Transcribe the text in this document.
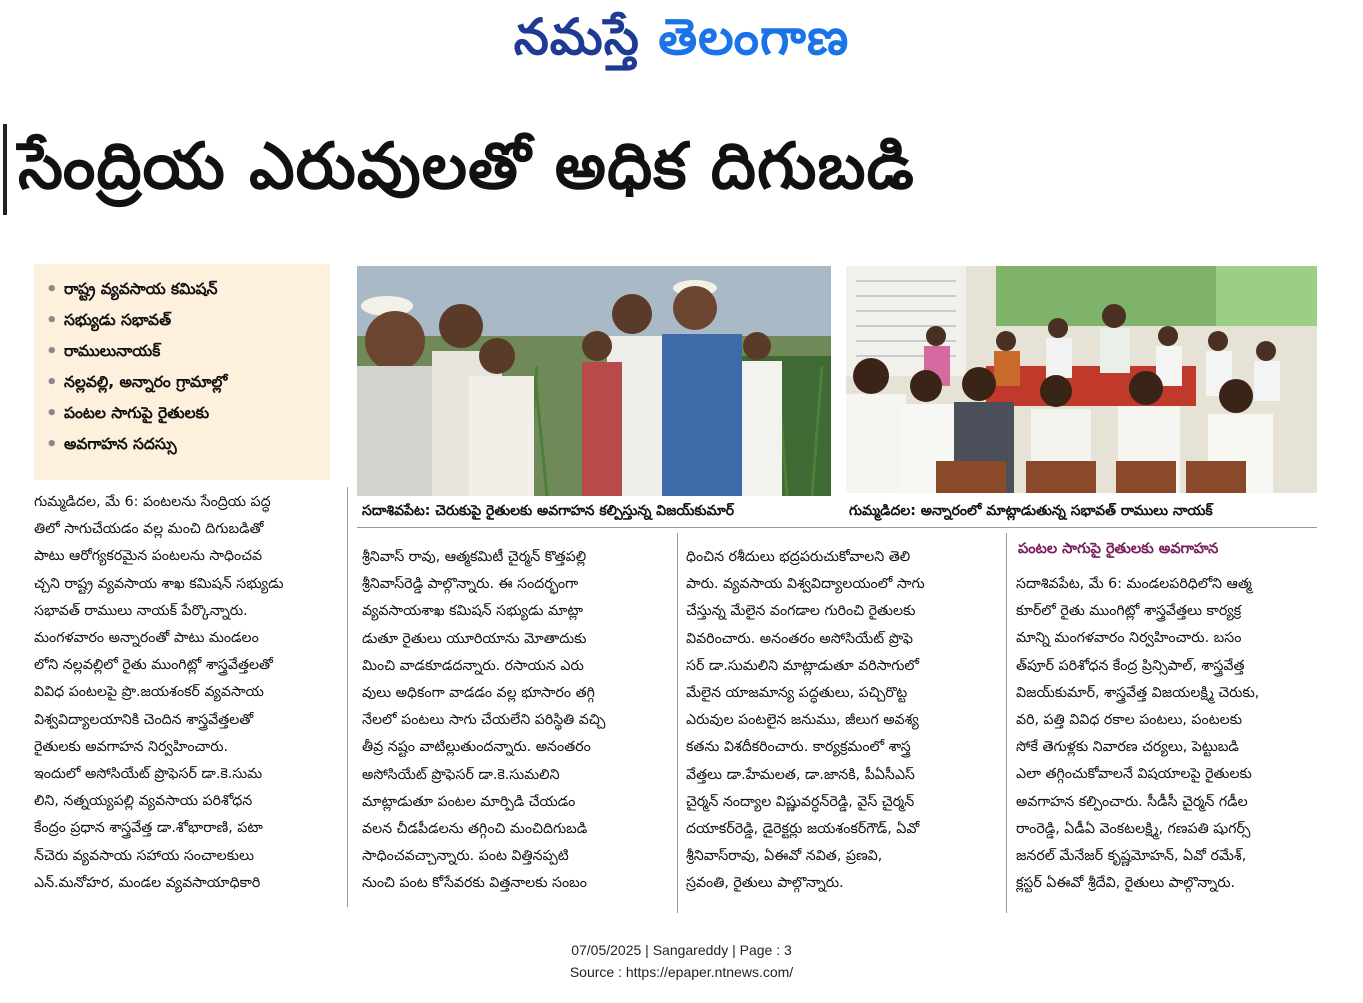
నమస్తే తెలంగాణ
సేంద్రియ ఎరువులతో అధిక దిగుబడి
• రాష్ట్ర వ్యవసాయ కమిషన్
• సభ్యుడు సభావత్
• రాములునాయక్
• నల్లవల్లి, అన్నారం గ్రామాల్లో
• పంటల సాగుపై రైతులకు
• అవగాహన సదస్సు
సదాశివపేట: చెరుకుపై రైతులకు అవగాహన కల్పిస్తున్న విజయ్‌కుమార్	గుమ్మడిదల: అన్నారంలో మాట్లాడుతున్న సభావత్ రాములు నాయక్

గుమ్మడిదల, మే 6: పంటలను సేంద్రియ పద్ధ

తిలో సాగుచేయడం వల్ల మంచి దిగుబడితో

పాటు ఆరోగ్యకరమైన పంటలను సాధించవ

చ్చని రాష్ట్ర వ్యవసాయ శాఖ కమిషన్ సభ్యుడు

సభావత్ రాములు నాయక్ పేర్కొన్నారు.

మంగళవారం అన్నారంతో పాటు మండలం

లోని నల్లవల్లిలో రైతు ముంగిట్లో శాస్త్రవేత్తలతో

వివిధ పంటలపై ప్రొ.జయశంకర్ వ్యవసాయ

విశ్వవిద్యాలయానికి చెందిన శాస్త్రవేత్తలతో

రైతులకు అవగాహన నిర్వహించారు.

ఇందులో అసోసియేట్ ప్రొఫెసర్ డా.కె.సుమ

లిని, నత్నయ్యపల్లి వ్యవసాయ పరిశోధన

కేంద్రం ప్రధాన శాస్త్రవేత్త డా.శోభారాణి, పటా

న్‌చెరు వ్యవసాయ సహాయ సంచాలకులు

ఎన్.మనోహర, మండల వ్యవసాయాధికారి

శ్రీనివాస్ రావు, ఆత్మకమిటీ చైర్మన్ కొత్తపల్లి

శ్రీనివాస్‌రెడ్డి పాల్గొన్నారు. ఈ సందర్భంగా

వ్యవసాయశాఖ కమిషన్ సభ్యుడు మాట్లా

డుతూ రైతులు యూరియాను మోతాదుకు

మించి వాడకూడదన్నారు. రసాయన ఎరు

వులు అధికంగా వాడడం వల్ల భూసారం తగ్గి

నేలలో పంటలు సాగు చేయలేని పరిస్థితి వచ్చి

తీవ్ర నష్టం వాటిల్లుతుందన్నారు. అనంతరం

అసోసియేట్ ప్రొఫెసర్ డా.కె.సుమలిని

మాట్లాడుతూ పంటల మార్పిడి చేయడం

వలన చీడపీడలను తగ్గించి మంచిదిగుబడి

సాధించవచ్చాన్నారు. పంట విత్తినప్పటి

నుంచి పంట కోసేవరకు విత్తనాలకు సంబం

ధించిన రశీదులు భద్రపరుచుకోవాలని తెలి

పారు. వ్యవసాయ విశ్వవిద్యాలయంలో సాగు

చేస్తున్న మేలైన వంగడాల గురించి రైతులకు

వివరించారు. అనంతరం అసోసియేట్ ప్రొఫె

సర్ డా.సుమలిని మాట్లాడుతూ వరిసాగులో

మేలైన యాజమాన్య పద్ధతులు, పచ్చిరొట్ట

ఎరువుల పంటలైన జనుము, జీలుగ అవశ్య

కతను విశదీకరించారు. కార్యక్రమంలో శాస్త్ర

వేత్తలు డా.హేమలత, డా.జానకి, పీఏసీఎస్

చైర్మన్ నంద్యాల విష్ణువర్ధన్‌రెడ్డి, వైస్ చైర్మన్

దయాకర్‌రెడ్డి, డైరెక్టర్లు జయశంకర్‌గౌడ్, ఏవో

శ్రీనివాస్‌రావు, ఏఈవో నవిత, ప్రణవి,

స్రవంతి, రైతులు పాల్గొన్నారు.

పంటల సాగుపై రైతులకు అవగాహన

సదాశివపేట, మే 6: మండలపరిధిలోని ఆత్మ

కూర్‌లో రైతు ముంగిట్లో శాస్త్రవేత్తలు కార్యక్ర

మాన్ని మంగళవారం నిర్వహించారు. బసం

త్‌పూర్ పరిశోధన కేంద్ర ప్రిన్సిపాల్, శాస్త్రవేత్త

విజయ్‌కుమార్, శాస్త్రవేత్త విజయలక్ష్మి చెరుకు,

వరి, పత్తి వివిధ రకాల పంటలు, పంటలకు

సోకే తెగుళ్లకు నివారణ చర్యలు, పెట్టుబడి

ఎలా తగ్గించుకోవాలనే విషయాలపై రైతులకు

అవగాహన కల్పించారు. సీడీసీ చైర్మన్ గడీల

రాంరెడ్డి, ఏడీఏ వెంకటలక్ష్మి, గణపతి షుగర్స్

జనరల్ మేనేజర్ కృష్ణమోహన్, ఏవో రమేశ్,

క్లస్టర్ ఏఈవో శ్రీదేవి, రైతులు పాల్గొన్నారు.

07/05/2025 | Sangareddy | Page : 3
Source : https://epaper.ntnews.com/
